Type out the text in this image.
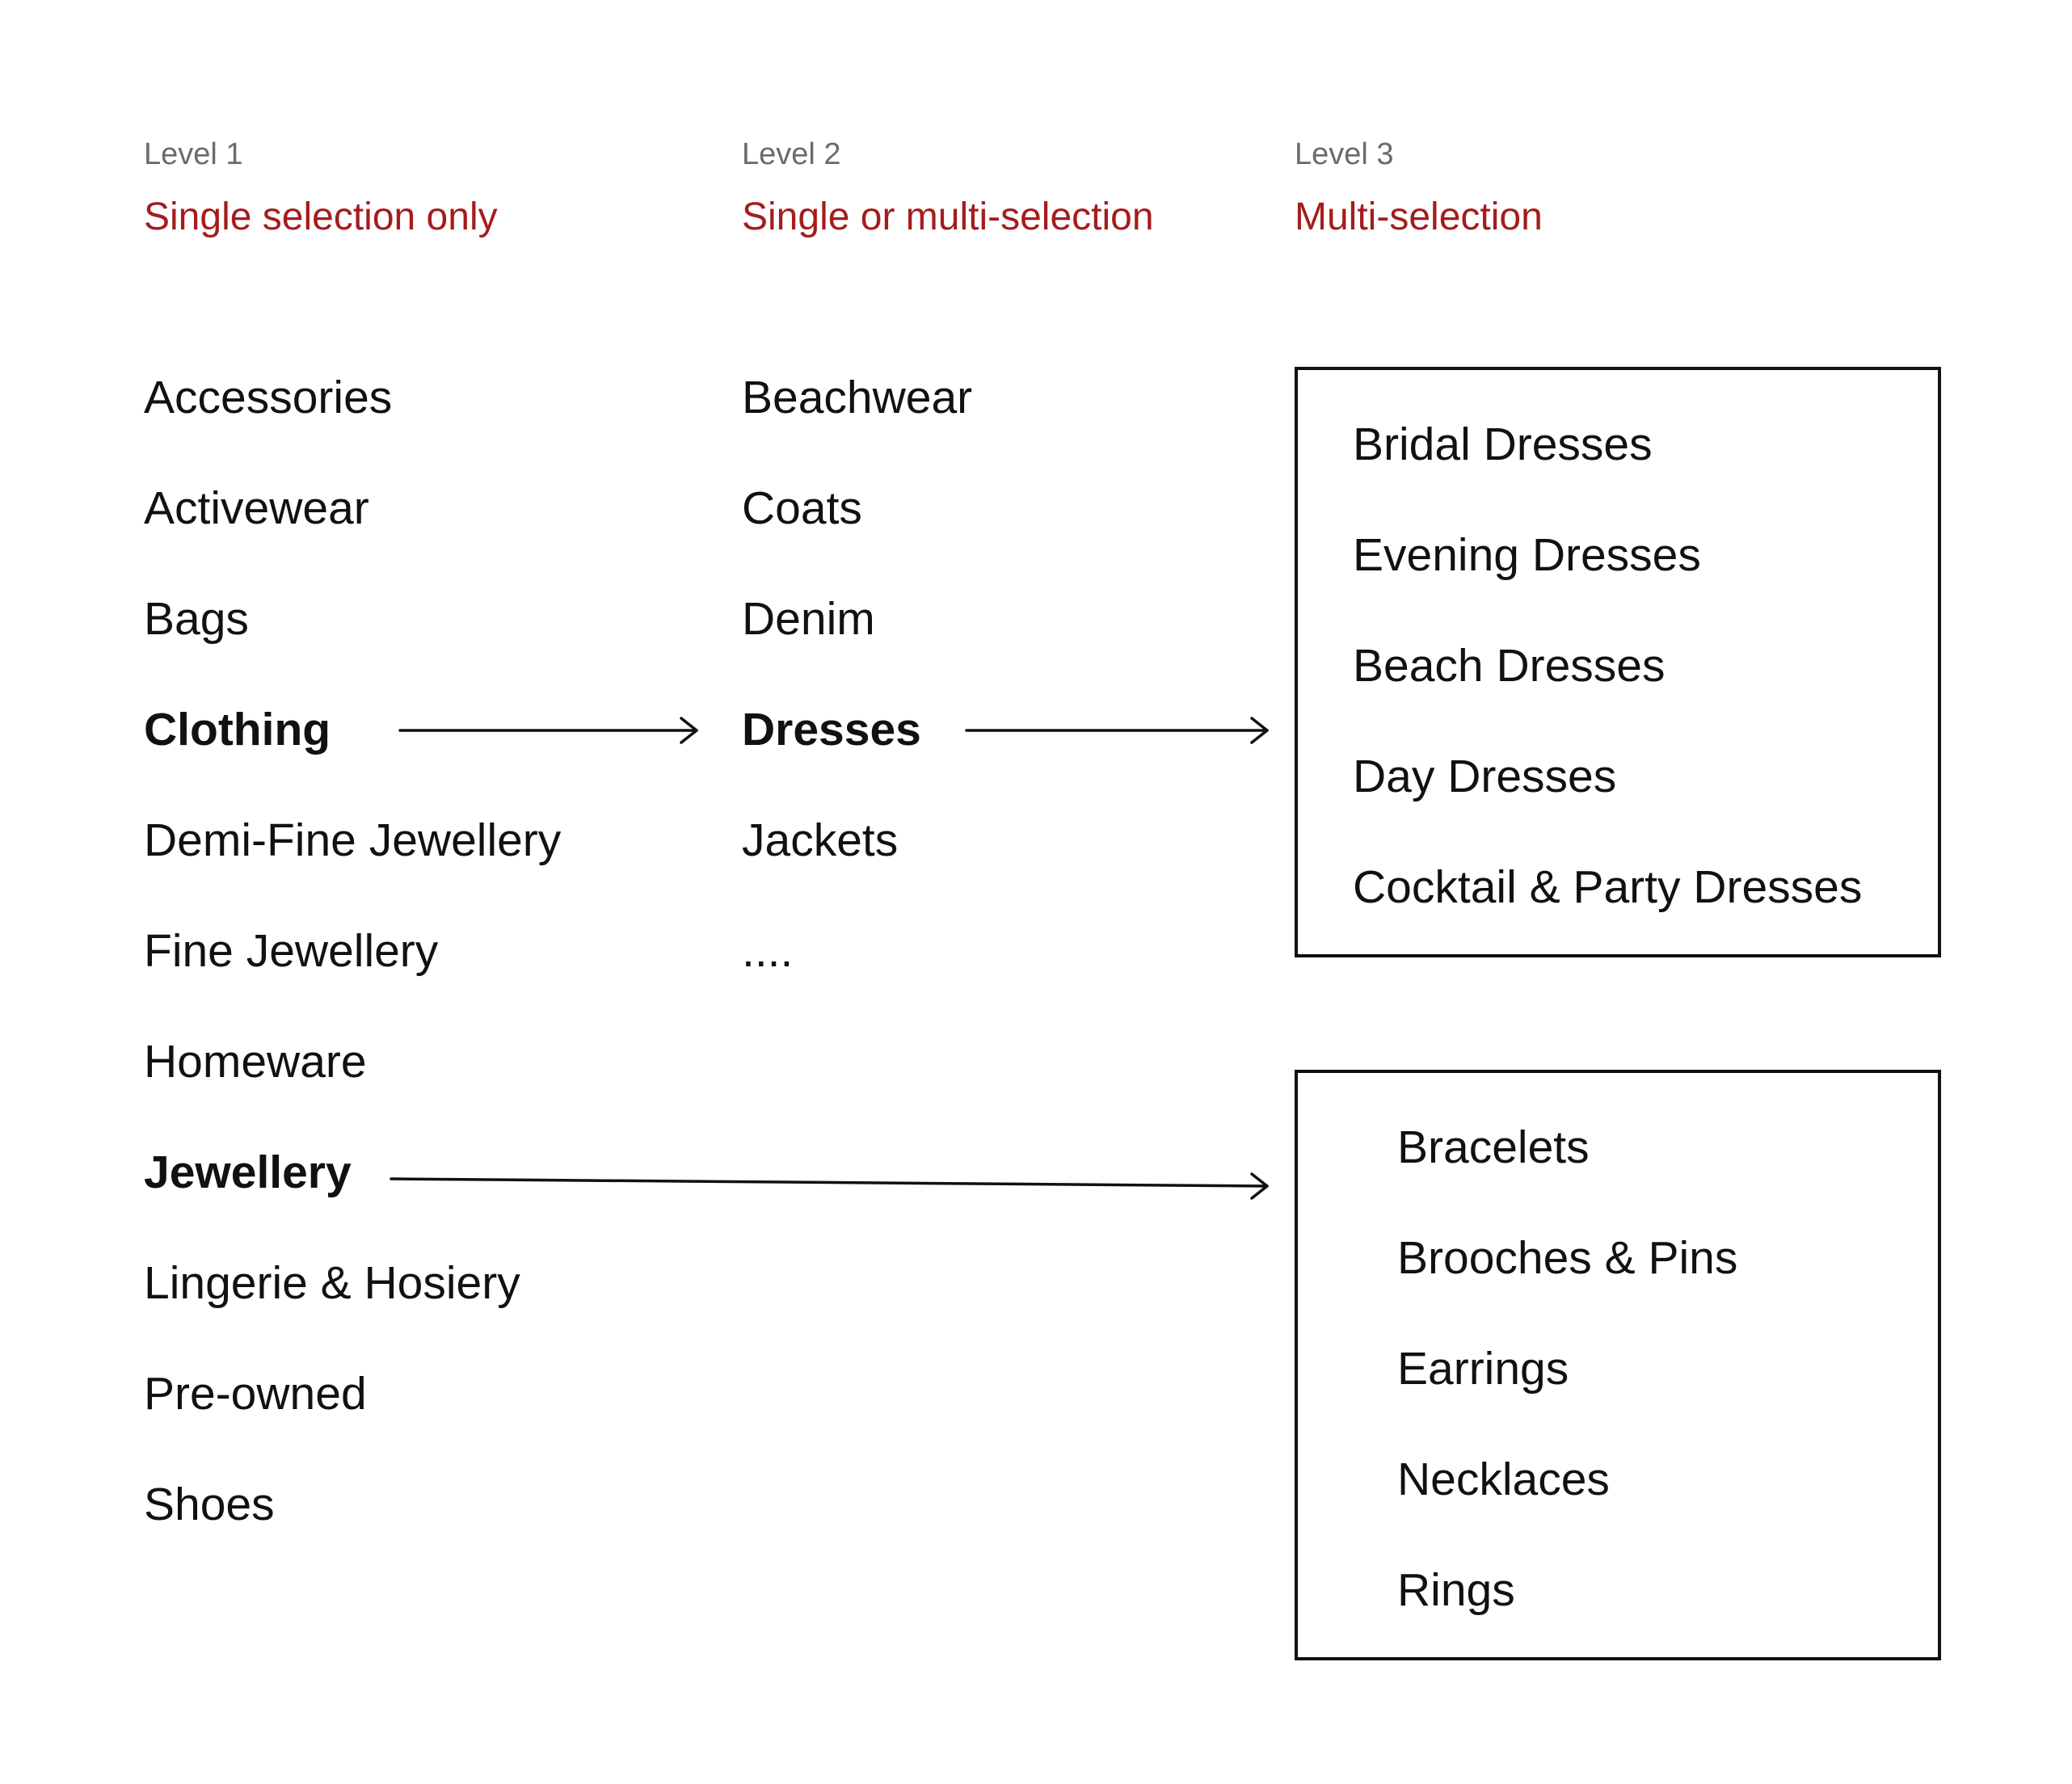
Level 1
Single selection only
Level 2
Single or multi-selection
Level 3
Multi-selection
Accessories
Activewear
Bags
Clothing
Demi-Fine Jewellery
Fine Jewellery
Homeware
Jewellery
Lingerie & Hosiery
Pre-owned
Shoes
Beachwear
Coats
Denim
Dresses
Jackets
....
Bridal Dresses
Evening Dresses
Beach Dresses
Day Dresses
Cocktail & Party Dresses
Bracelets
Brooches & Pins
Earrings
Necklaces
Rings
